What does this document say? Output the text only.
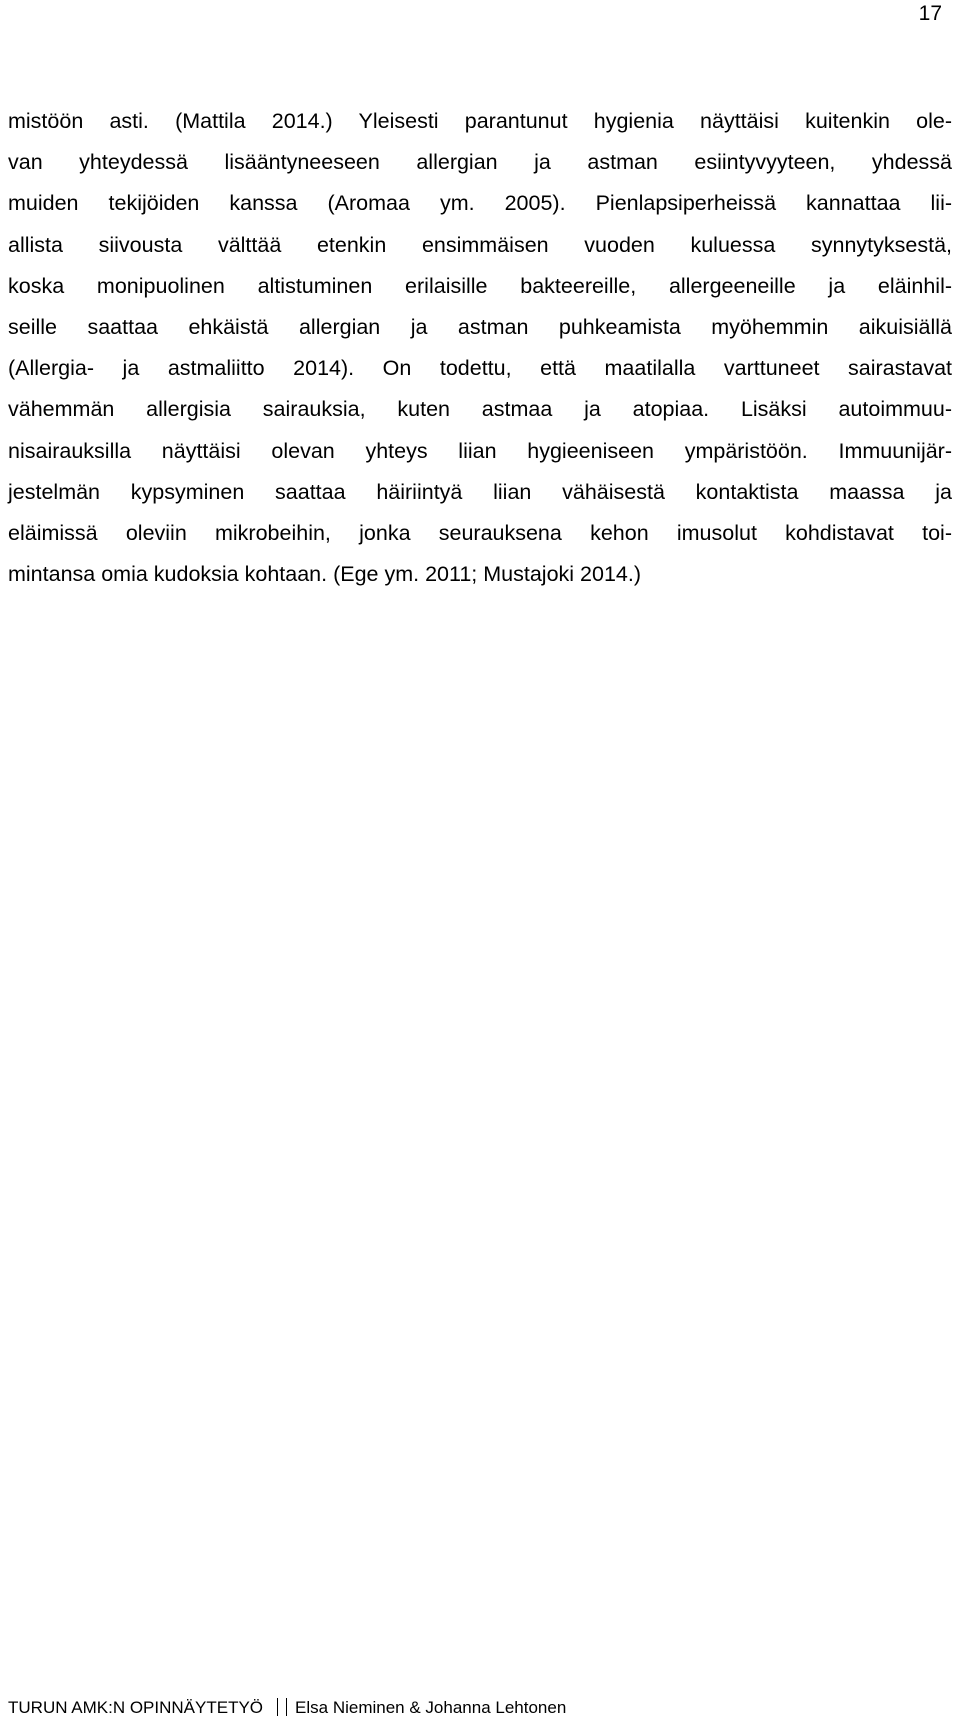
17

mistöön asti. (Mattila 2014.) Yleisesti parantunut hygienia näyttäisi kuitenkin ole-
van yhteydessä lisääntyneeseen allergian ja astman esiintyvyyteen, yhdessä
muiden tekijöiden kanssa (Aromaa ym. 2005). Pienlapsiperheissä kannattaa lii-
allista siivousta välttää etenkin ensimmäisen vuoden kuluessa synnytyksestä,
koska monipuolinen altistuminen erilaisille bakteereille, allergeeneille ja eläinhil-
seille saattaa ehkäistä allergian ja astman puhkeamista myöhemmin aikuisiällä
(Allergia- ja astmaliitto 2014). On todettu, että maatilalla varttuneet sairastavat
vähemmän allergisia sairauksia, kuten astmaa ja atopiaa. Lisäksi autoimmuu-
nisairauksilla näyttäisi olevan yhteys liian hygieeniseen ympäristöön. Immuunijär-
jestelmän kypsyminen saattaa häiriintyä liian vähäisestä kontaktista maassa ja
eläimissä oleviin mikrobeihin, jonka seurauksena kehon imusolut kohdistavat toi-
mintansa omia kudoksia kohtaan. (Ege ym. 2011; Mustajoki 2014.)

TURUN AMK:N OPINNÄYTETYÖ Elsa Nieminen & Johanna Lehtonen
